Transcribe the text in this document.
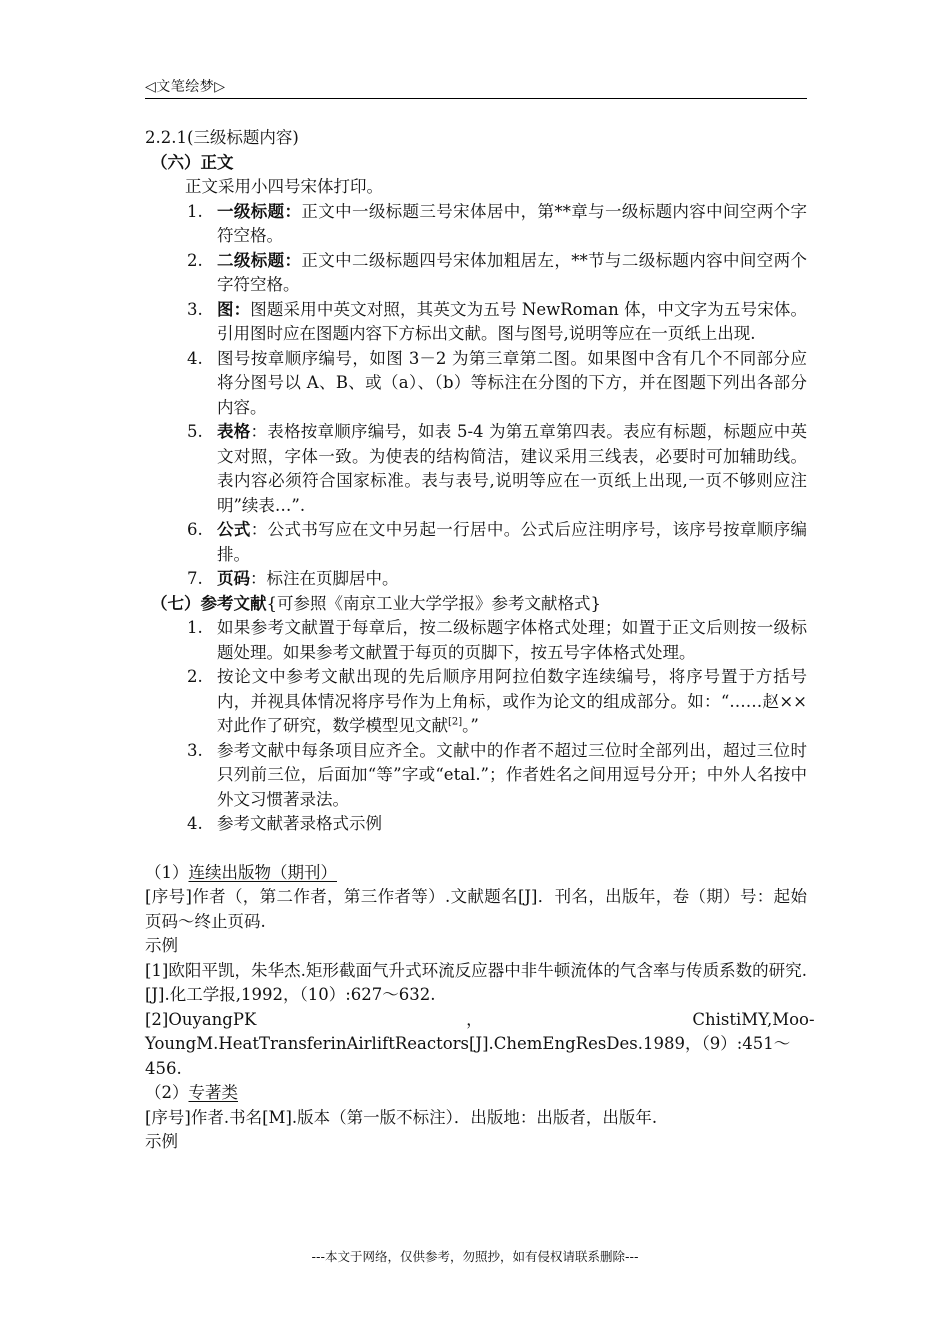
◁文笔绘梦▷
2.2.1(三级标题内容)
（六）正文
正文采用小四号宋体打印。
1. 一级标题：正文中一级标题三号宋体居中，第**章与一级标题内容中间空两个字符空格。
2. 二级标题：正文中二级标题四号宋体加粗居左，**节与二级标题内容中间空两个字符空格。
3. 图：图题采用中英文对照，其英文为五号 NewRoman 体，中文字为五号宋体。引用图时应在图题内容下方标出文献。图与图号,说明等应在一页纸上出现.
4. 图号按章顺序编号，如图 3－2 为第三章第二图。如果图中含有几个不同部分应将分图号以 A、B、或（a）、（b）等标注在分图的下方，并在图题下列出各部分内容。
5. 表格：表格按章顺序编号，如表 5-4 为第五章第四表。表应有标题，标题应中英文对照，字体一致。为使表的结构简洁，建议采用三线表，必要时可加辅助线。表内容必须符合国家标准。表与表号,说明等应在一页纸上出现,一页不够则应注明”续表…”.
6. 公式：公式书写应在文中另起一行居中。公式后应注明序号，该序号按章顺序编排。
7. 页码：标注在页脚居中。
（七）参考文献{可参照《南京工业大学学报》参考文献格式}
1. 如果参考文献置于每章后，按二级标题字体格式处理；如置于正文后则按一级标题处理。如果参考文献置于每页的页脚下，按五号字体格式处理。
2. 按论文中参考文献出现的先后顺序用阿拉伯数字连续编号，将序号置于方括号内，并视具体情况将序号作为上角标，或作为论文的组成部分。如：“……赵××对此作了研究，数学模型见文献[2]。”
3. 参考文献中每条项目应齐全。文献中的作者不超过三位时全部列出，超过三位时只列前三位，后面加“等”字或“etal.”；作者姓名之间用逗号分开；中外人名按中外文习惯著录法。
4. 参考文献著录格式示例
（1）连续出版物（期刊）
[序号]作者（，第二作者，第三作者等）.文献题名[J]．刊名，出版年，卷（期）号：起始页码～终止页码.
示例
[1]欧阳平凯，朱华杰.矩形截面气升式环流反应器中非牛顿流体的气含率与传质系数的研究.[J].化工学报,1992，（10）:627～632.
[2]OuyangPK                                        ，                                        ChistiMY,Moo-
YoungM.HeatTransferinAirliftReactors[J].ChemEngResDes.1989，（9）:451～
456.
（2）专著类
[序号]作者.书名[M].版本（第一版不标注）．出版地：出版者，出版年.
示例
---本文于网络，仅供参考，勿照抄，如有侵权请联系删除---
